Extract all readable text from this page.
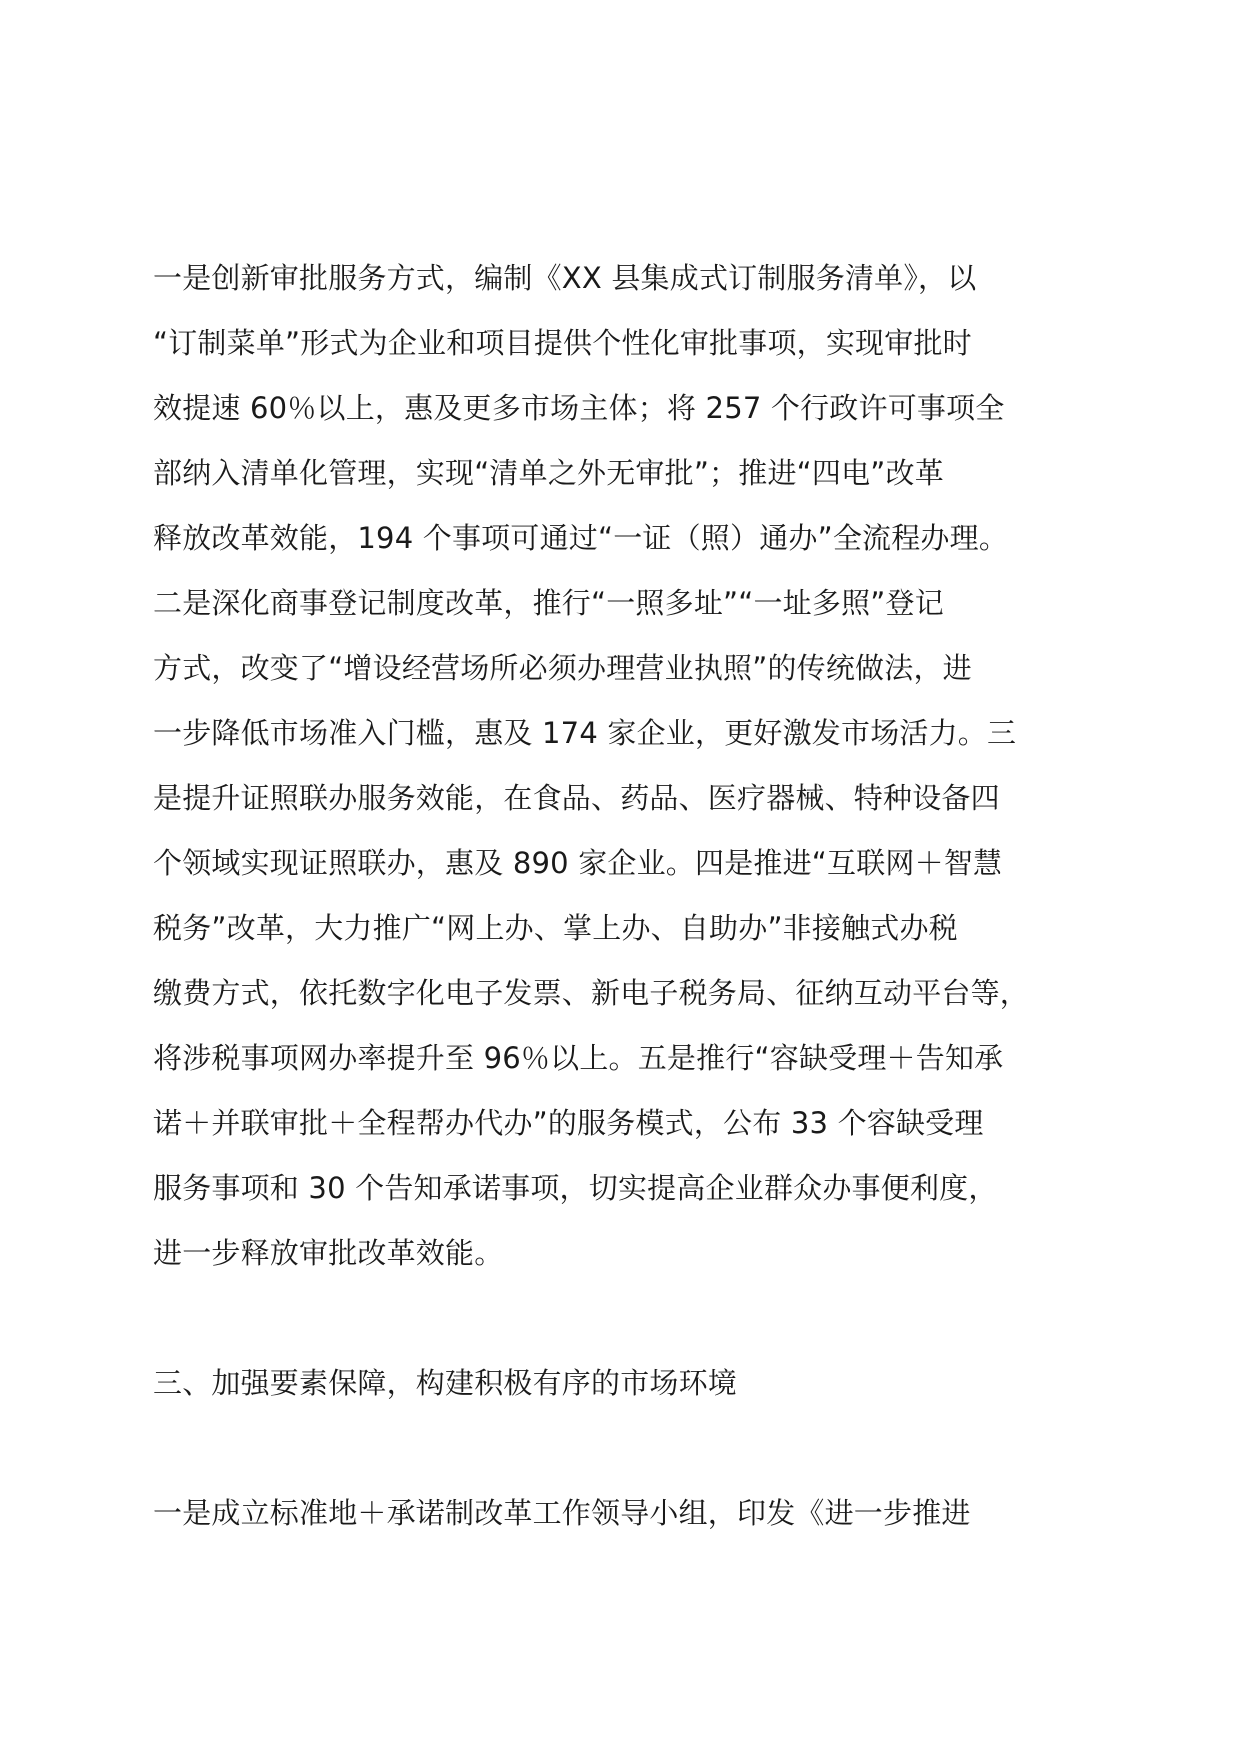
一是创新审批服务方式，编制《XX 县集成式订制服务清单》，以
“订制菜单”形式为企业和项目提供个性化审批事项，实现审批时
效提速 60％以上，惠及更多市场主体；将 257 个行政许可事项全
部纳入清单化管理，实现“清单之外无审批”；推进“四电”改革
释放改革效能，194 个事项可通过“一证（照）通办”全流程办理。
二是深化商事登记制度改革，推行“一照多址”“一址多照”登记
方式，改变了“增设经营场所必须办理营业执照”的传统做法，进
一步降低市场准入门槛，惠及 174 家企业，更好激发市场活力。三
是提升证照联办服务效能，在食品、药品、医疗器械、特种设备四
个领域实现证照联办，惠及 890 家企业。四是推进“互联网＋智慧
税务”改革，大力推广“网上办、掌上办、自助办”非接触式办税
缴费方式，依托数字化电子发票、新电子税务局、征纳互动平台等，
将涉税事项网办率提升至 96％以上。五是推行“容缺受理＋告知承
诺＋并联审批＋全程帮办代办”的服务模式，公布 33 个容缺受理
服务事项和 30 个告知承诺事项，切实提高企业群众办事便利度，
进一步释放审批改革效能。
三、加强要素保障，构建积极有序的市场环境
一是成立标准地＋承诺制改革工作领导小组，印发《进一步推进
